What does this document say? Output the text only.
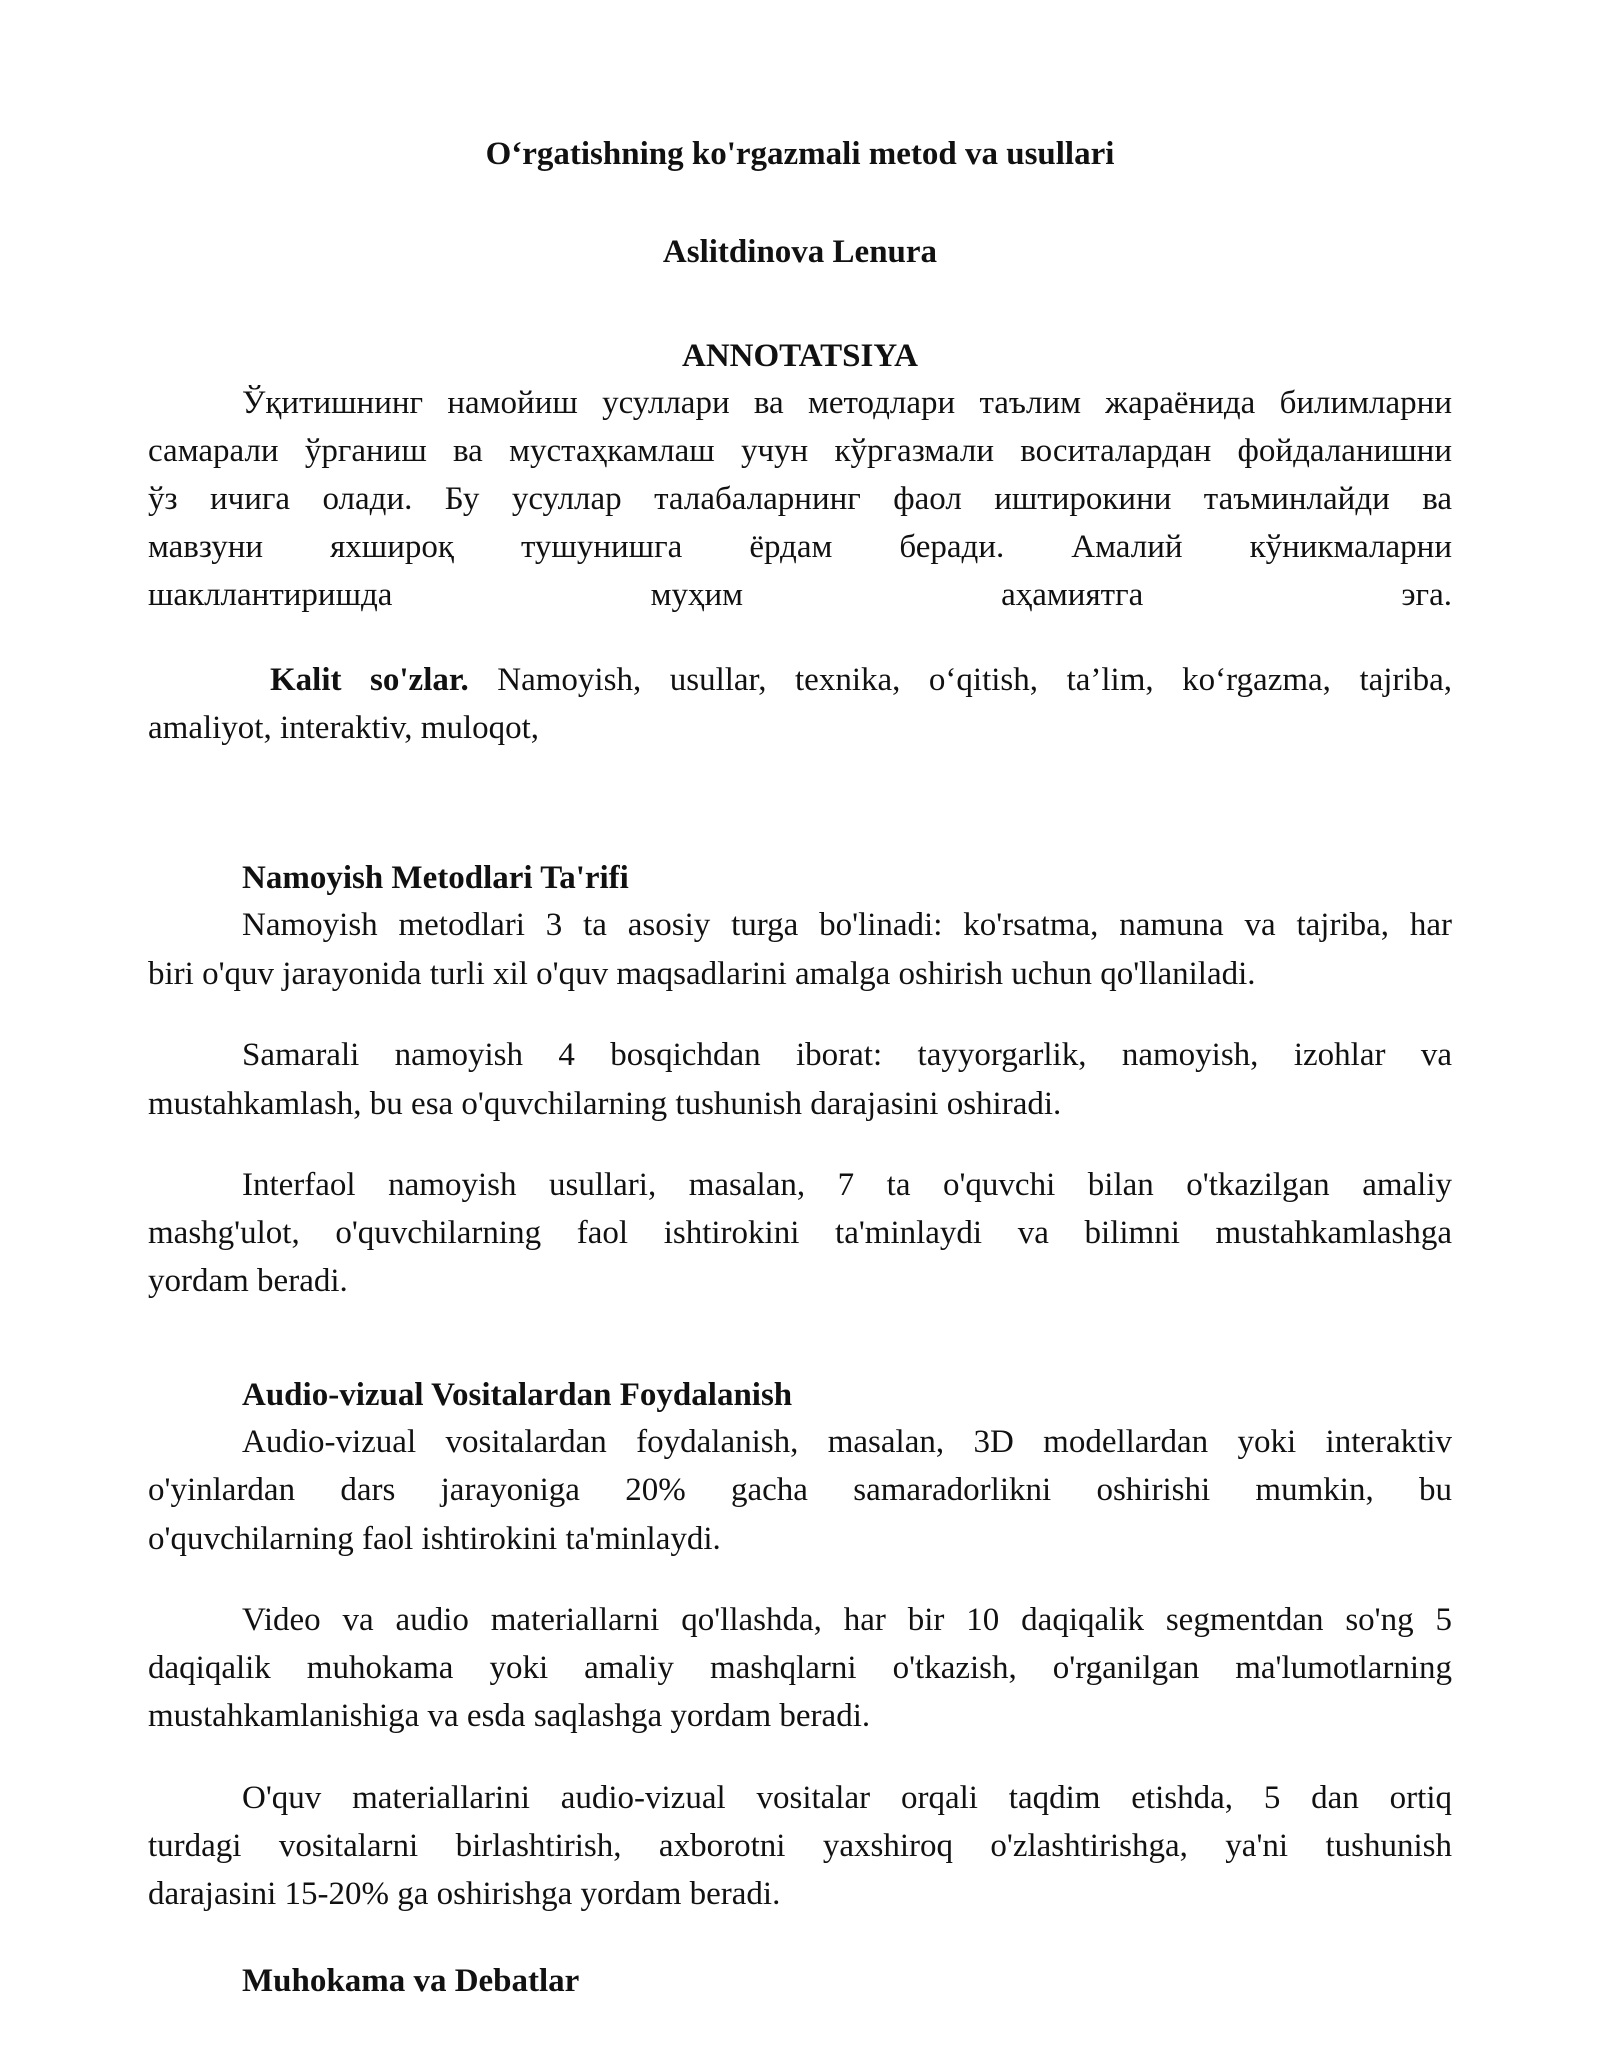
O‘rgatishning ko'rgazmali metod va usullari
Aslitdinova Lenura
ANNOTATSIYA
Ўқитишнинг намойиш усуллари ва методлари таълим жараёнида билимларни
самарали ўрганиш ва мустаҳкамлаш учун кўргазмали воситалардан фойдаланишни
ўз ичига олади. Бу усуллар талабаларнинг фаол иштирокини таъминлайди ва
мавзуни яхшироқ тушунишга ёрдам беради. Амалий кўникмаларни
шакллантиришда муҳим аҳамиятга эга.
Kalit so'zlar. Namoyish, usullar, texnika, o‘qitish, ta’lim, ko‘rgazma, tajriba,
amaliyot, interaktiv, muloqot,
Namoyish Metodlari Ta'rifi
Namoyish metodlari 3 ta asosiy turga bo'linadi: ko'rsatma, namuna va tajriba, har
biri o'quv jarayonida turli xil o'quv maqsadlarini amalga oshirish uchun qo'llaniladi.
Samarali namoyish 4 bosqichdan iborat: tayyorgarlik, namoyish, izohlar va
mustahkamlash, bu esa o'quvchilarning tushunish darajasini oshiradi.
Interfaol namoyish usullari, masalan, 7 ta o'quvchi bilan o'tkazilgan amaliy
mashg'ulot, o'quvchilarning faol ishtirokini ta'minlaydi va bilimni mustahkamlashga
yordam beradi.
Audio-vizual Vositalardan Foydalanish
Audio-vizual vositalardan foydalanish, masalan, 3D modellardan yoki interaktiv
o'yinlardan dars jarayoniga 20% gacha samaradorlikni oshirishi mumkin, bu
o'quvchilarning faol ishtirokini ta'minlaydi.
Video va audio materiallarni qo'llashda, har bir 10 daqiqalik segmentdan so'ng 5
daqiqalik muhokama yoki amaliy mashqlarni o'tkazish, o'rganilgan ma'lumotlarning
mustahkamlanishiga va esda saqlashga yordam beradi.
O'quv materiallarini audio-vizual vositalar orqali taqdim etishda, 5 dan ortiq
turdagi vositalarni birlashtirish, axborotni yaxshiroq o'zlashtirishga, ya'ni tushunish
darajasini 15-20% ga oshirishga yordam beradi.
Muhokama va Debatlar
